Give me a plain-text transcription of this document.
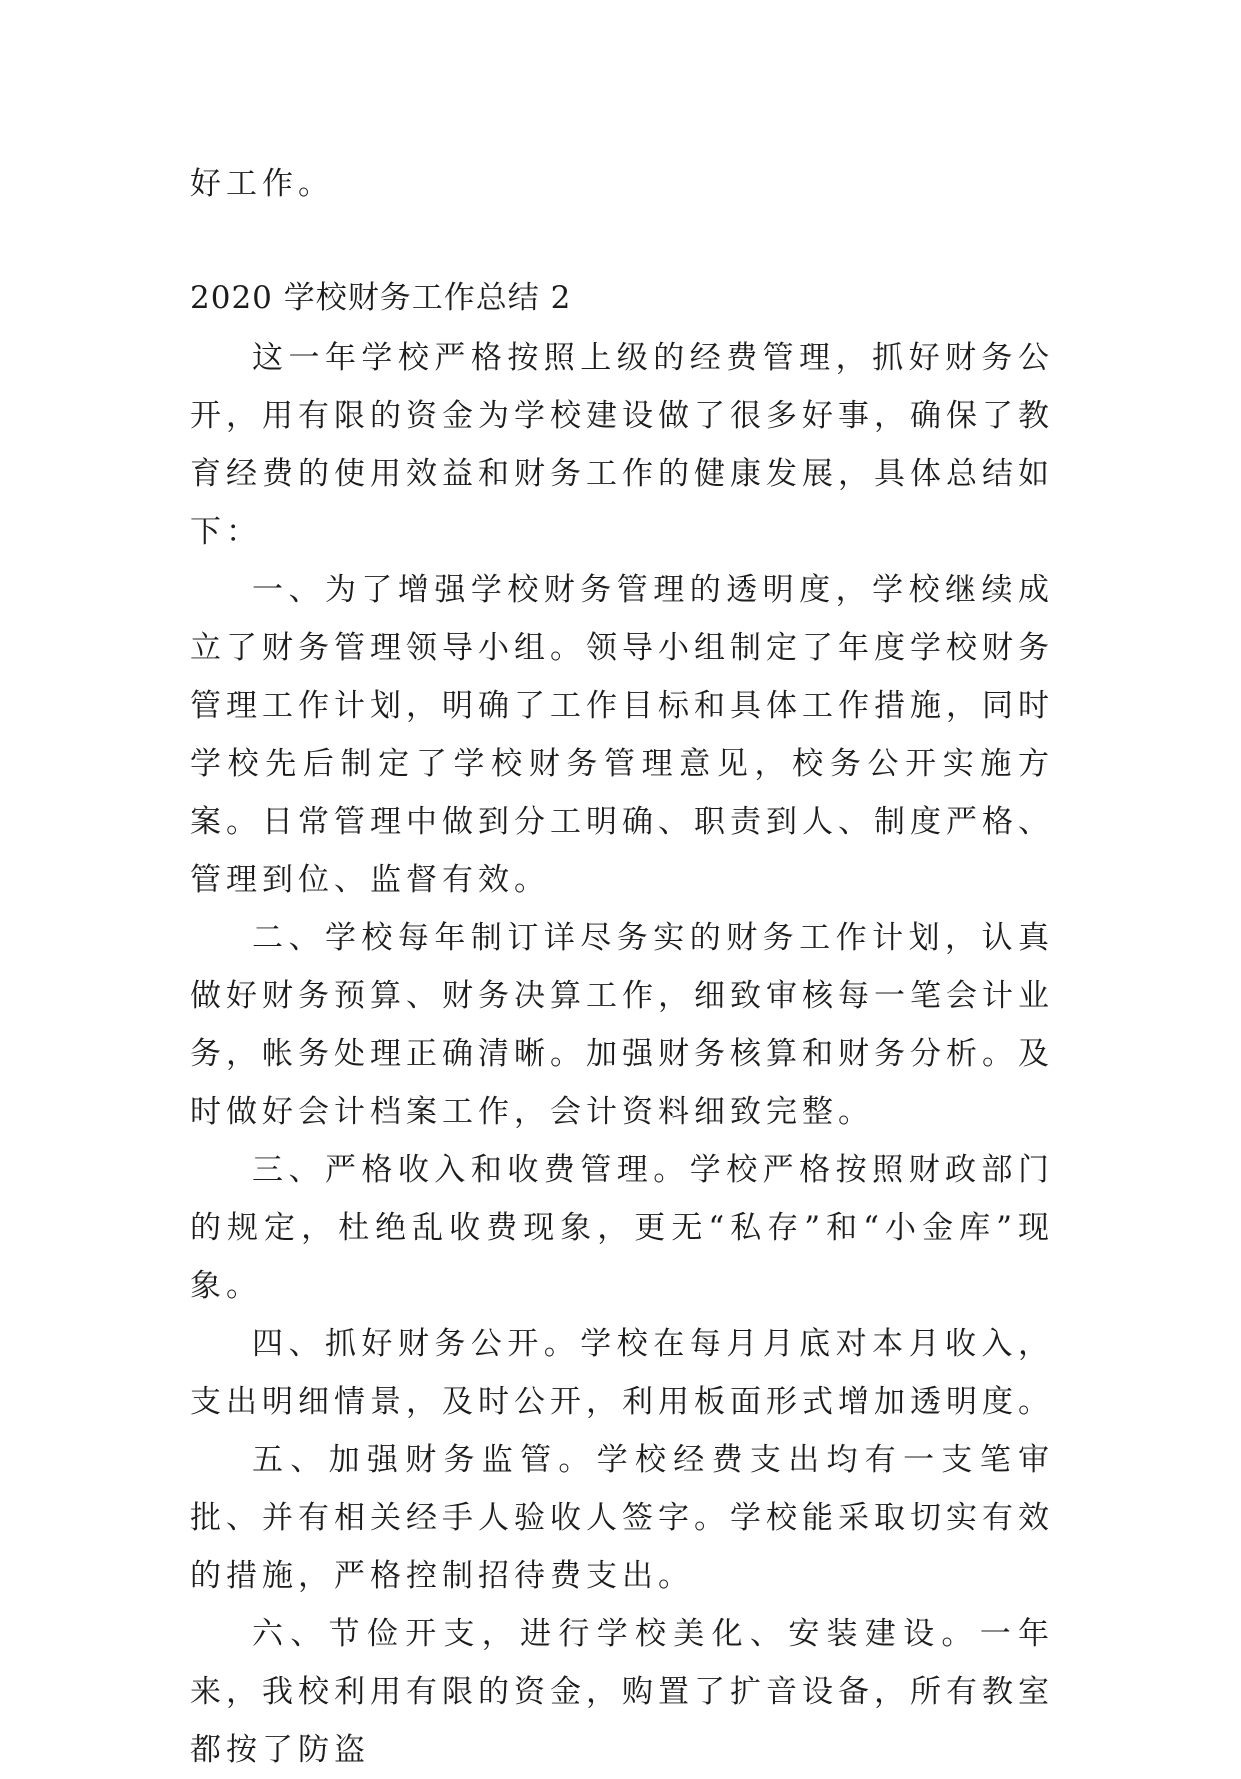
好工作。
2020 学校财务工作总结 2

这一年学校严格按照上级的经费管理，抓好财务公开，用有限的资金为学校建设做了很多好事，确保了教育经费的使用效益和财务工作的健康发展，具体总结如下：

一、为了增强学校财务管理的透明度，学校继续成立了财务管理领导小组。领导小组制定了年度学校财务管理工作计划，明确了工作目标和具体工作措施，同时学校先后制定了学校财务管理意见，校务公开实施方案。日常管理中做到分工明确、职责到人、制度严格、管理到位、监督有效。

二、学校每年制订详尽务实的财务工作计划，认真做好财务预算、财务决算工作，细致审核每一笔会计业务，帐务处理正确清晰。加强财务核算和财务分析。及时做好会计档案工作，会计资料细致完整。

三、严格收入和收费管理。学校严格按照财政部门的规定，杜绝乱收费现象，更无“私存”和“小金库”现象。

四、抓好财务公开。学校在每月月底对本月收入，支出明细情景，及时公开，利用板面形式增加透明度。

五、加强财务监管。学校经费支出均有一支笔审批、并有相关经手人验收人签字。学校能采取切实有效的措施，严格控制招待费支出。

六、节俭开支，进行学校美化、安装建设。一年来，我校利用有限的资金，购置了扩音设备，所有教室都按了防盗
